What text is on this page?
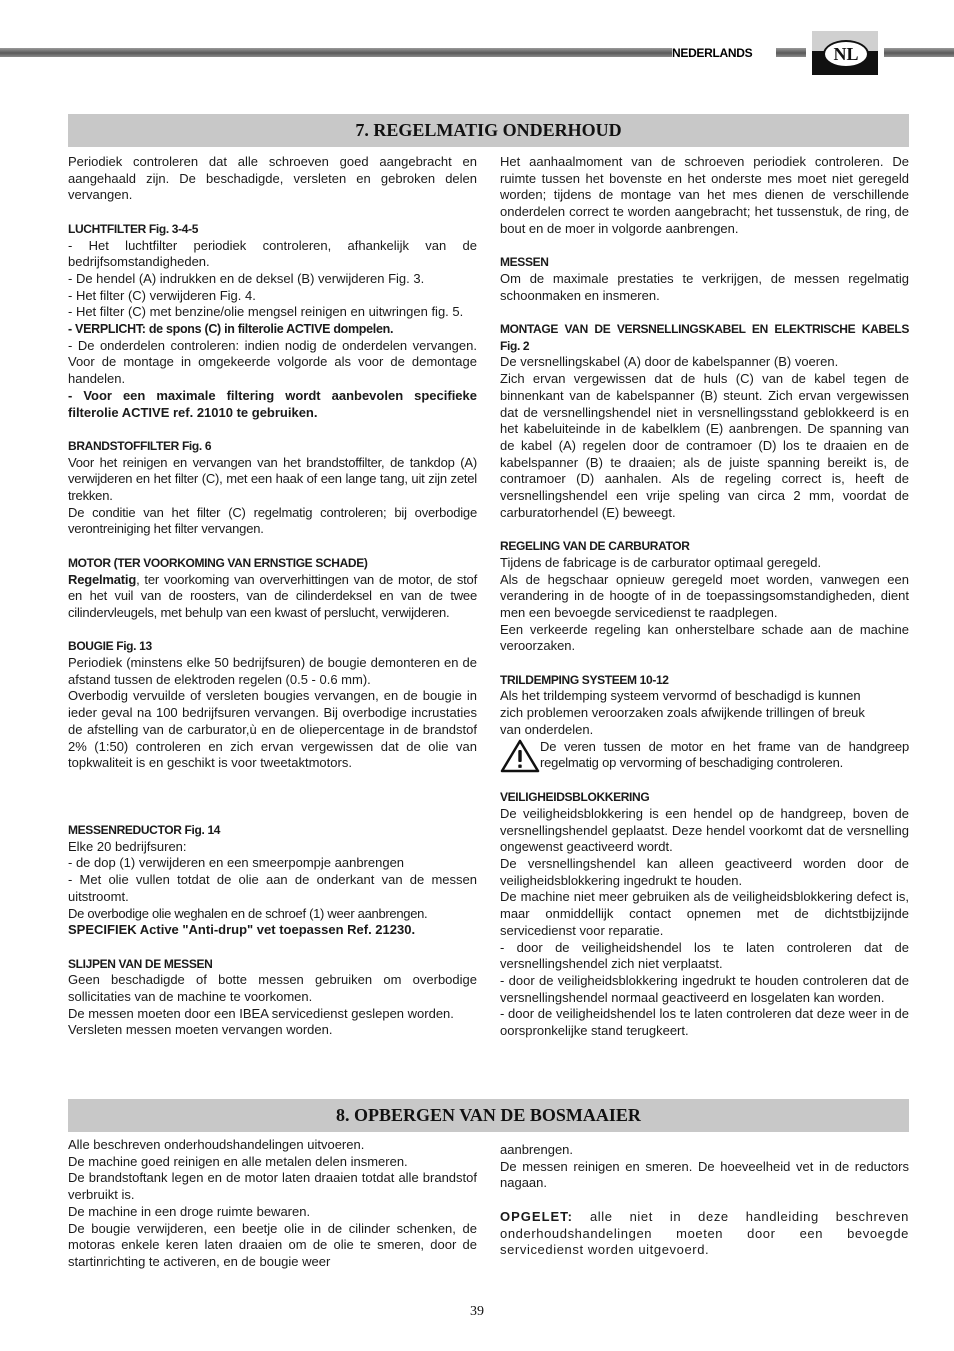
NEDERLANDS	NL
7. REGELMATIG ONDERHOUD

Periodiek controleren dat alle schroeven goed aangebracht en aangehaald zijn. De beschadigde, versleten en gebroken delen vervangen.

LUCHTFILTER Fig. 3-4-5

- Het luchtfilter periodiek controleren, afhankelijk van de bedrijfsomstandigheden.

- De hendel (A) indrukken en de deksel (B) verwijderen Fig. 3.

- Het filter (C) verwijderen Fig. 4.

- Het filter (C) met benzine/olie mengsel reinigen en uitwringen fig. 5.

- VERPLICHT: de spons (C) in filterolie ACTIVE dompelen.

- De onderdelen controleren: indien nodig de onderdelen vervangen. Voor de montage in omgekeerde volgorde als voor de demontage handelen.

- Voor een maximale filtering wordt aanbevolen specifieke filterolie ACTIVE ref. 21010 te gebruiken.

BRANDSTOFFILTER Fig. 6

Voor het reinigen en vervangen van het brandstoffilter, de tankdop (A) verwijderen en het filter (C), met een haak of een lange tang, uit zijn zetel trekken.

De conditie van het filter (C) regelmatig controleren; bij overbodige verontreiniging het filter vervangen.

MOTOR (TER VOORKOMING VAN ERNSTIGE SCHADE)

Regelmatig, ter voorkoming van oververhittingen van de motor, de stof en het vuil van de roosters, van de cilinderdeksel en van de twee cilindervleugels, met behulp van een kwast of perslucht, verwijderen.

BOUGIE Fig. 13

Periodiek (minstens elke 50 bedrijfsuren) de bougie demonteren en de afstand tussen de elektroden regelen (0.5 - 0.6 mm).

Overbodig vervuilde of versleten bougies vervangen, en de bougie in ieder geval na 100 bedrijfsuren vervangen. Bij overbodige incrustaties de afstelling van de carburator,ù en de oliepercentage in de brandstof 2% (1:50) controleren en zich ervan vergewissen dat de olie van topkwaliteit is en geschikt is voor tweetaktmotors.

MESSENREDUCTOR Fig. 14

Elke 20 bedrijfsuren:

- de dop (1) verwijderen en een smeerpompje aanbrengen

- Met olie vullen totdat de olie aan de onderkant van de messen uitstroomt.

De overbodige olie weghalen en de schroef (1) weer aanbrengen.

SPECIFIEK Active "Anti-drup" vet toepassen Ref. 21230.

SLIJPEN VAN DE MESSEN

Geen beschadigde of botte messen gebruiken om overbodige sollicitaties van de machine te voorkomen.

De messen moeten door een IBEA servicedienst geslepen worden.

Versleten messen moeten vervangen worden.

Het aanhaalmoment van de schroeven periodiek controleren. De ruimte tussen het bovenste en het onderste mes moet niet geregeld worden; tijdens de montage van het mes dienen de verschillende onderdelen correct te worden aangebracht; het tussenstuk, de ring, de bout en de moer in volgorde aanbrengen.

MESSEN

Om de maximale prestaties te verkrijgen, de messen regelmatig schoonmaken en insmeren.

MONTAGE VAN DE VERSNELLINGSKABEL EN ELEKTRISCHE KABELS Fig. 2

De versnellingskabel (A) door de kabelspanner (B) voeren.

Zich ervan vergewissen dat de huls (C) van de kabel tegen de binnenkant van de kabelspanner (B) steunt. Zich ervan vergewissen dat de versnellingshendel niet in versnellingsstand geblokkeerd is en het kabeluiteinde in de kabelklem (E) aanbrengen. De spanning van de kabel (A) regelen door de contramoer (D) los te draaien en de kabelspanner (B) te draaien; als de juiste spanning bereikt is, de contramoer (D) aanhalen. Als de regeling correct is, heeft de versnellingshendel een vrije speling van circa 2 mm, voordat de carburatorhendel (E) beweegt.

REGELING VAN DE CARBURATOR

Tijdens de fabricage is de carburator optimaal geregeld.

Als de hegschaar opnieuw geregeld moet worden, vanwegen een verandering in de hoogte of in de toepassingsomstandigheden, dient men een bevoegde servicedienst te raadplegen.

Een verkeerde regeling kan onherstelbare schade aan de machine veroorzaken.

TRILDEMPING SYSTEEM 10-12

Als het trildemping systeem vervormd of beschadigd is kunnen zich problemen veroorzaken zoals afwijkende trillingen of breuk van onderdelen.

De veren tussen de motor en het frame van de handgreep regelmatig op vervorming of beschadiging controleren.

VEILIGHEIDSBLOKKERING

De veiligheidsblokkering is een hendel op de handgreep, boven de versnellingshendel geplaatst. Deze hendel voorkomt dat de versnelling ongewenst geactiveerd wordt.

De versnellingshendel kan alleen geactiveerd worden door de veiligheidsblokkering ingedrukt te houden.

De machine niet meer gebruiken als de veiligheidsblokkering defect is, maar onmiddellijk contact opnemen met de dichtstbijzijnde servicedienst voor reparatie.

- door de veiligheidshendel los te laten controleren dat de versnellingshendel zich niet verplaatst.

- door de veiligheidsblokkering ingedrukt te houden controleren dat de versnellingshendel normaal geactiveerd en losgelaten kan worden.

- door de veiligheidshendel los te laten controleren dat deze weer in de oorspronkelijke stand terugkeert.

8. OPBERGEN VAN DE BOSMAAIER

Alle beschreven onderhoudshandelingen uitvoeren.

De machine goed reinigen en alle metalen delen insmeren.

De brandstoftank legen en de motor laten draaien totdat alle brandstof verbruikt is.

De machine in een droge ruimte bewaren.

De bougie verwijderen, een beetje olie in de cilinder schenken, de motoras enkele keren laten draaien om de olie te smeren, door de startinrichting te activeren, en de bougie weer

aanbrengen.

De messen reinigen en smeren. De hoeveelheid vet in de reductors nagaan.

OPGELET: alle niet in deze handleiding beschreven onderhoudshandelingen moeten door een bevoegde servicedienst worden uitgevoerd.

39
